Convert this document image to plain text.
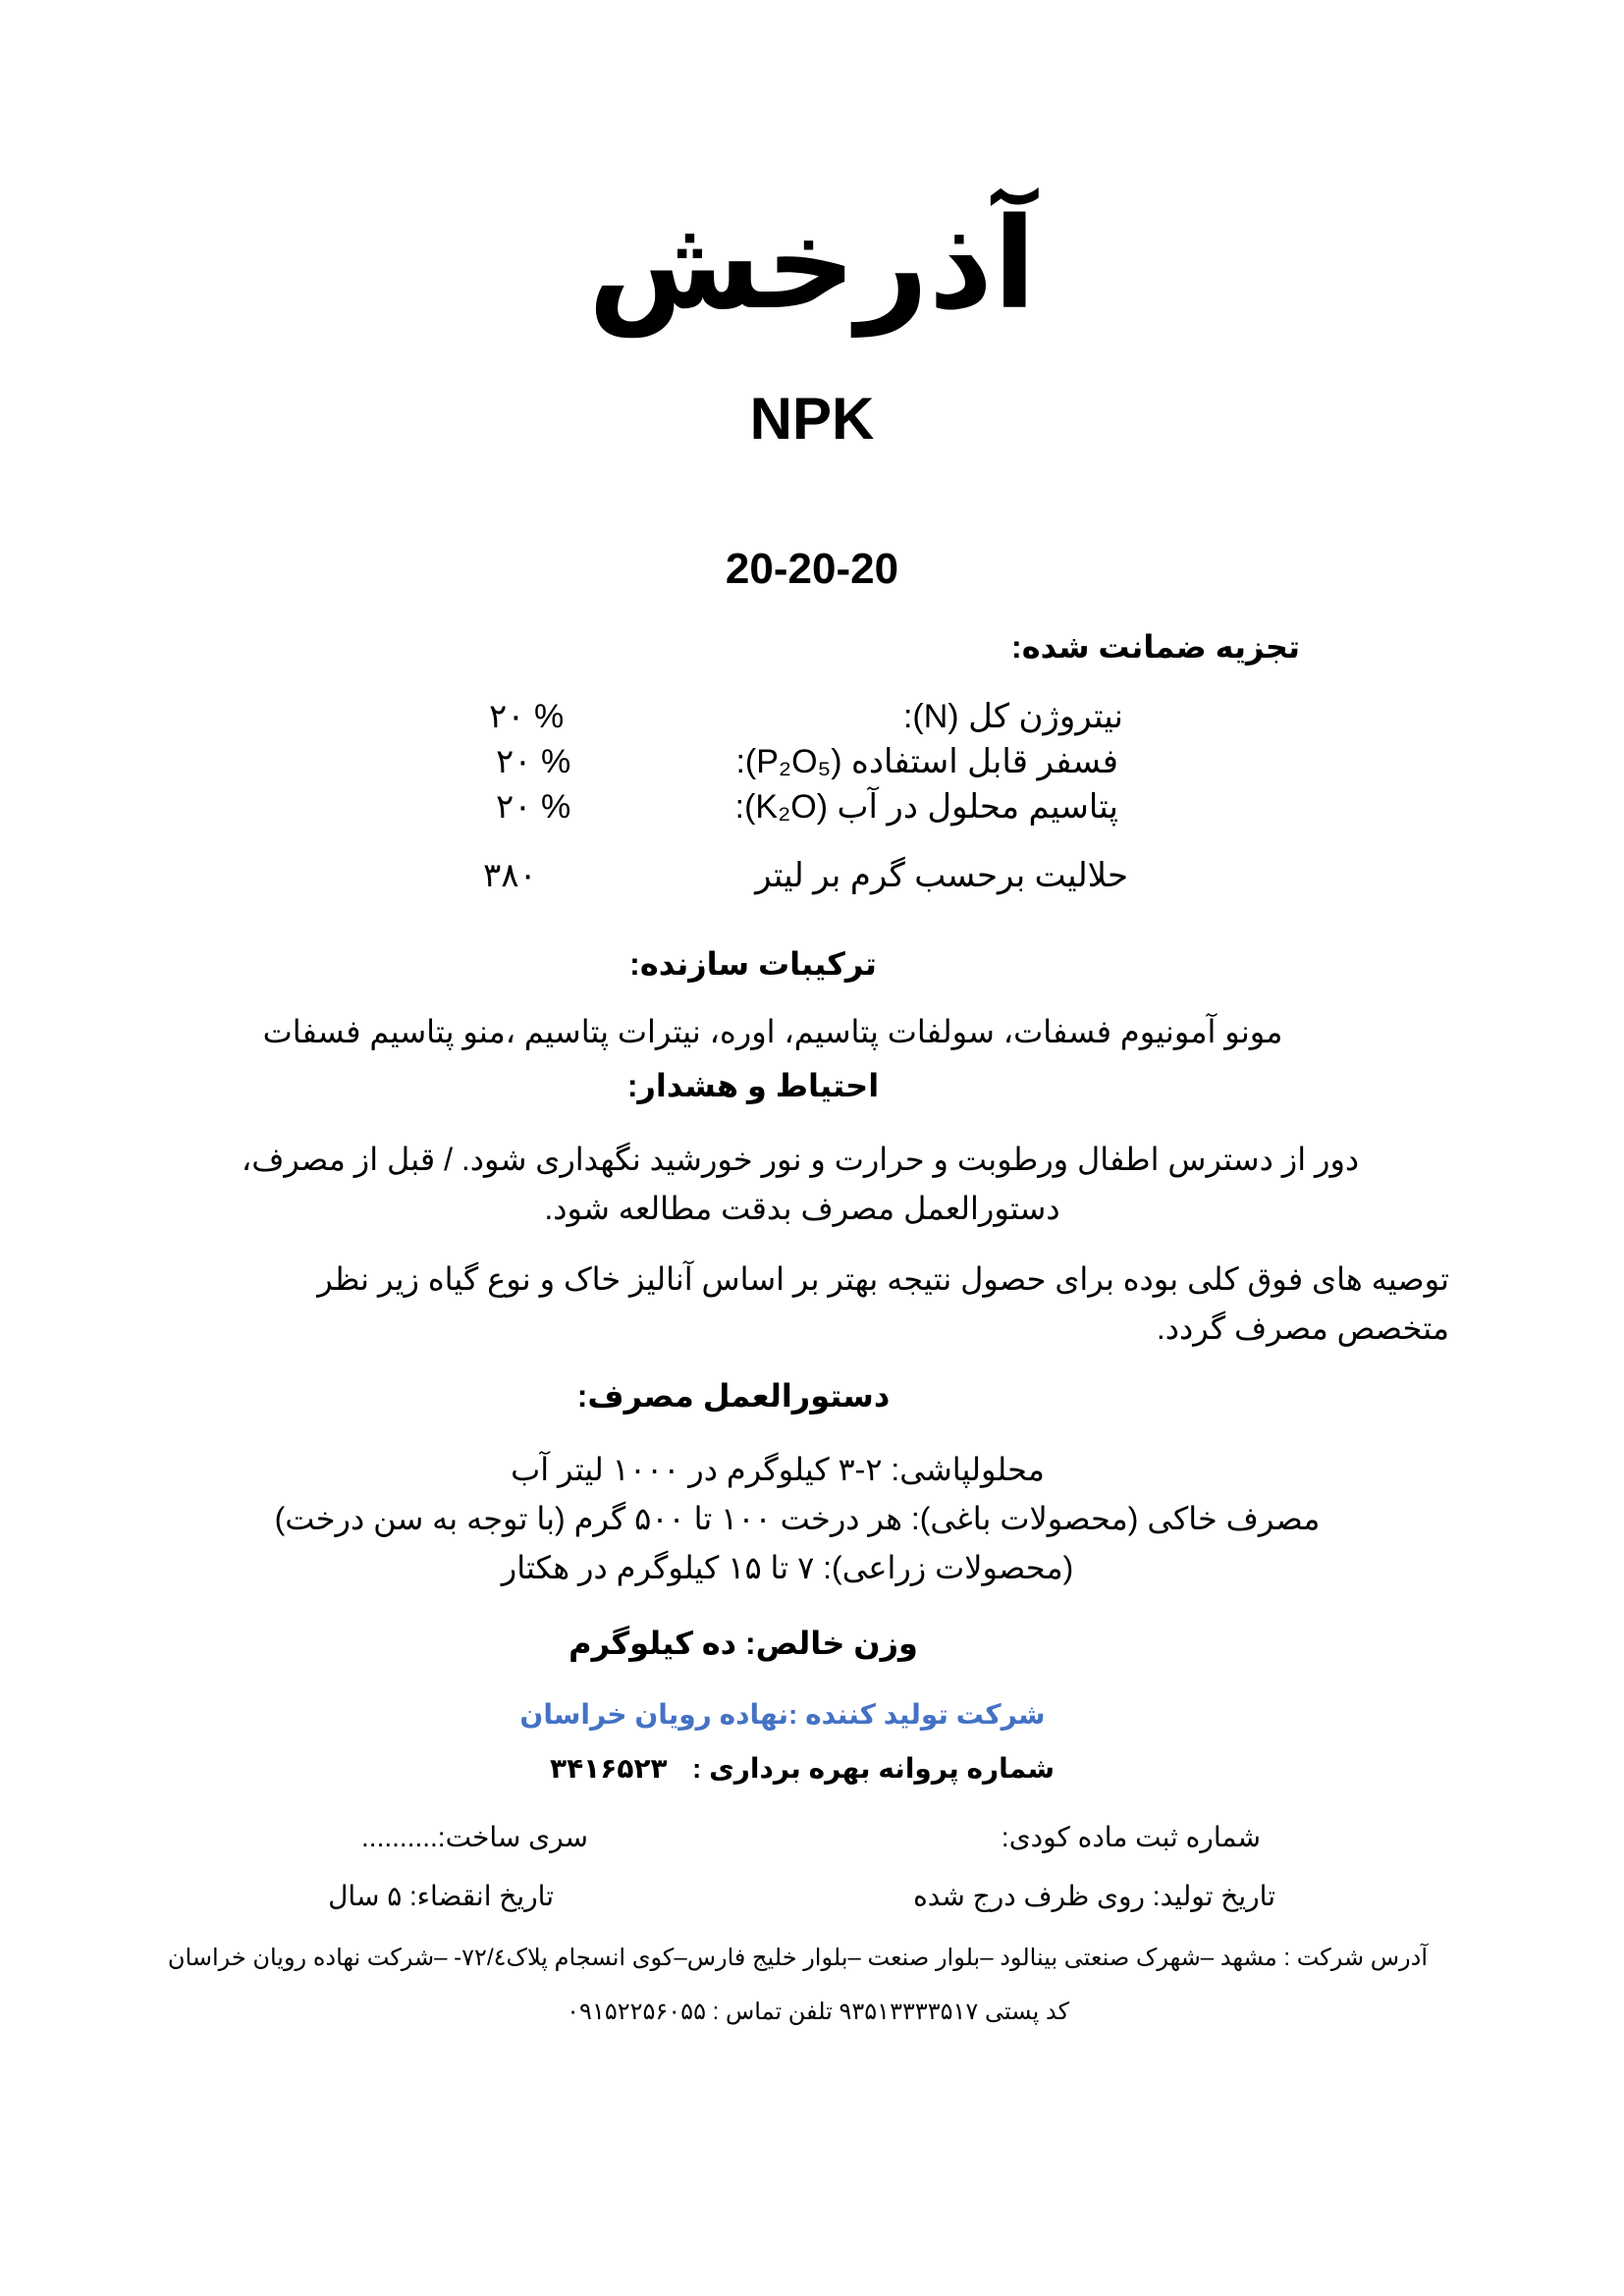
آذرخش
NPK
20-20-20
تجزیه ضمانت شده:
نیتروژن کل (N):
۲۰ %
فسفر قابل استفاده (P₂O₅):
۲۰ %
پتاسیم محلول در آب (K₂O):
۲۰ %
حلالیت برحسب گرم بر لیتر
۳۸۰
ترکیبات سازنده:
مونو آمونیوم فسفات، سولفات پتاسیم، اوره، نیترات پتاسیم ،منو پتاسیم فسفات
احتیاط و هشدار:
دور از دسترس اطفال ورطوبت و حرارت و نور خورشید نگهداری شود. / قبل از مصرف،
دستورالعمل مصرف بدقت مطالعه شود.
توصیه های فوق کلی بوده برای حصول نتیجه بهتر بر اساس آنالیز خاک و نوع گیاه زیر نظر
متخصص مصرف گردد.
دستورالعمل مصرف:
محلولپاشی: ۲-۳ کیلوگرم در ۱۰۰۰ لیتر آب
مصرف خاکی (محصولات باغی): هر درخت ۱۰۰ تا ۵۰۰ گرم (با توجه به سن درخت)
(محصولات زراعی): ۷ تا ۱۵ کیلوگرم در هکتار
وزن خالص: ده کیلوگرم
شرکت تولید کننده :نهاده رویان خراسان
شماره پروانه بهره برداری :
۳۴۱۶۵۲۳
شماره ثبت ماده کودی:
سری ساخت:..........
تاریخ تولید: روی ظرف درج شده
تاریخ انقضاء: ۵ سال
آدرس شرکت : مشهد –شهرک صنعتی بینالود –بلوار صنعت –بلوار خلیج فارس–کوی انسجام پلاک۷۲/٤- –شرکت نهاده رویان خراسان
کد پستی ۹۳۵۱۳۳۳۳۵۱۷ تلفن تماس : ۰۹۱۵۲۲۵۶۰۵۵
